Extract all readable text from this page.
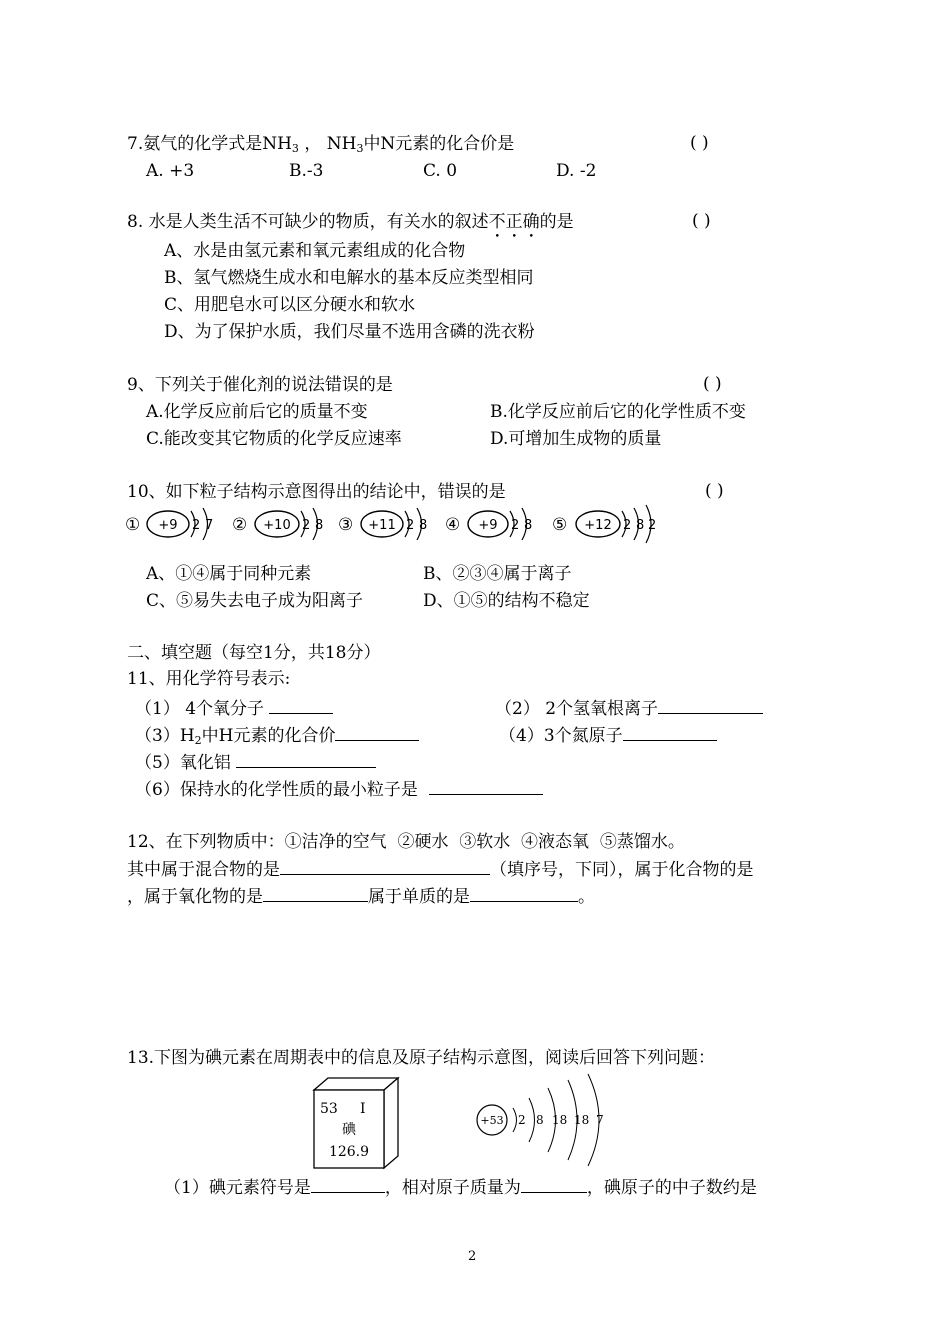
7.氨气的化学式是$NH_3$ ， $NH_3$中N元素的化合价是	( )
A. +3	B.-3	C. 0	D. -2
8. 水是人类生活不可缺少的物质，有关水的叙述不正确的是	( )
A、水是由氢元素和氧元素组成的化合物
B、氢气燃烧生成水和电解水的基本反应类型相同
C、用肥皂水可以区分硬水和软水
D、为了保护水质，我们尽量不选用含磷的洗衣粉
9、下列关于催化剂的说法错误的是	( )
A.化学反应前后它的质量不变	B.化学反应前后它的化学性质不变
C.能改变其它物质的化学反应速率	D.可增加生成物的质量
10、如下粒子结构示意图得出的结论中，错误的是	( )
① +9 2 7 ② +10 2 8 ③ +11 2 8 ④ +9 2 8 ⑤ +12 2 8 2
A、①④属于同种元素	B、②③④属于离子
C、⑤易失去电子成为阳离子	D、①⑤的结构不稳定
二、填空题（每空1分，共18分）
11、用化学符号表示:
（1） 4个氧分子	（2） 2个氢氧根离子
$(3)H_2$中H元素的化合价	（4）3个氮原子
（5）氧化铝
（6）保持水的化学性质的最小粒子是
12、在下列物质中：①洁净的空气  ②硬水  ③软水  ④液态氧  ⑤蒸馏水。
其中属于混合物的是	（填序号，下同），属于化合物的是
，属于氧化物的是	属于单质的是	。
13.下图为碘元素在周期表中的信息及原子结构示意图，阅读后回答下列问题：
53 I
碘
126.9
+53 2 8 18 18 7
（1）碘元素符号是	，相对原子质量为	，碘原子的中子数约是
2
